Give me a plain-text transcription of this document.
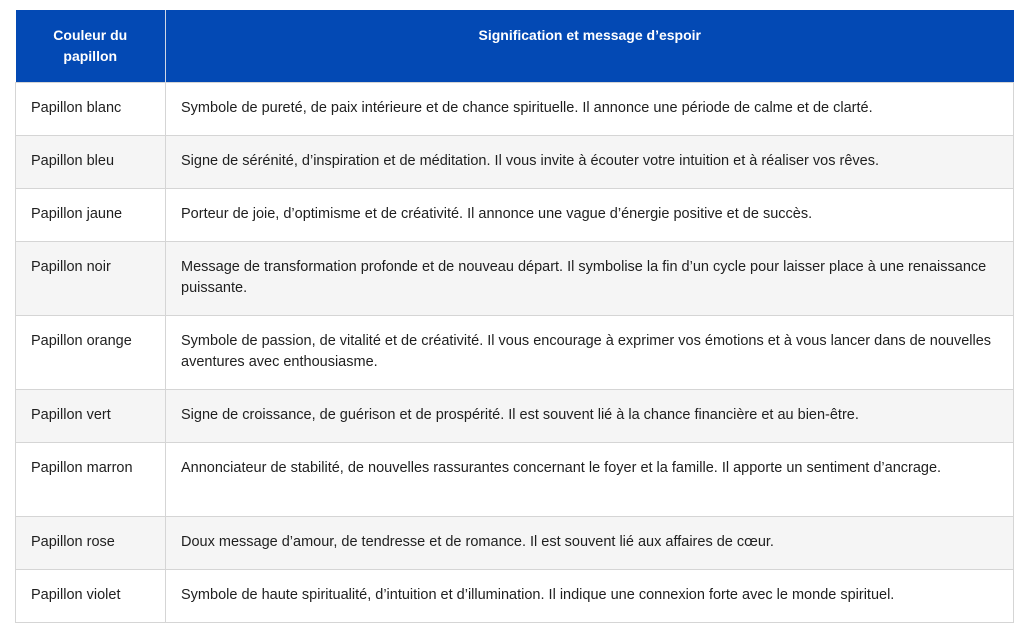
Couleur du papillon	Signification et message d’espoir
Papillon blanc	Symbole de pureté, de paix intérieure et de chance spirituelle. Il annonce une période de calme et de clarté.
Papillon bleu	Signe de sérénité, d’inspiration et de méditation. Il vous invite à écouter votre intuition et à réaliser vos rêves.
Papillon jaune	Porteur de joie, d’optimisme et de créativité. Il annonce une vague d’énergie positive et de succès.
Papillon noir	Message de transformation profonde et de nouveau départ. Il symbolise la fin d’un cycle pour laisser place à une renaissance puissante.
Papillon orange	Symbole de passion, de vitalité et de créativité. Il vous encourage à exprimer vos émotions et à vous lancer dans de nouvelles aventures avec enthousiasme.
Papillon vert	Signe de croissance, de guérison et de prospérité. Il est souvent lié à la chance financière et au bien-être.
Papillon marron	Annonciateur de stabilité, de nouvelles rassurantes concernant le foyer et la famille. Il apporte un sentiment d’ancrage.
Papillon rose	Doux message d’amour, de tendresse et de romance. Il est souvent lié aux affaires de cœur.
Papillon violet	Symbole de haute spiritualité, d’intuition et d’illumination. Il indique une connexion forte avec le monde spirituel.
